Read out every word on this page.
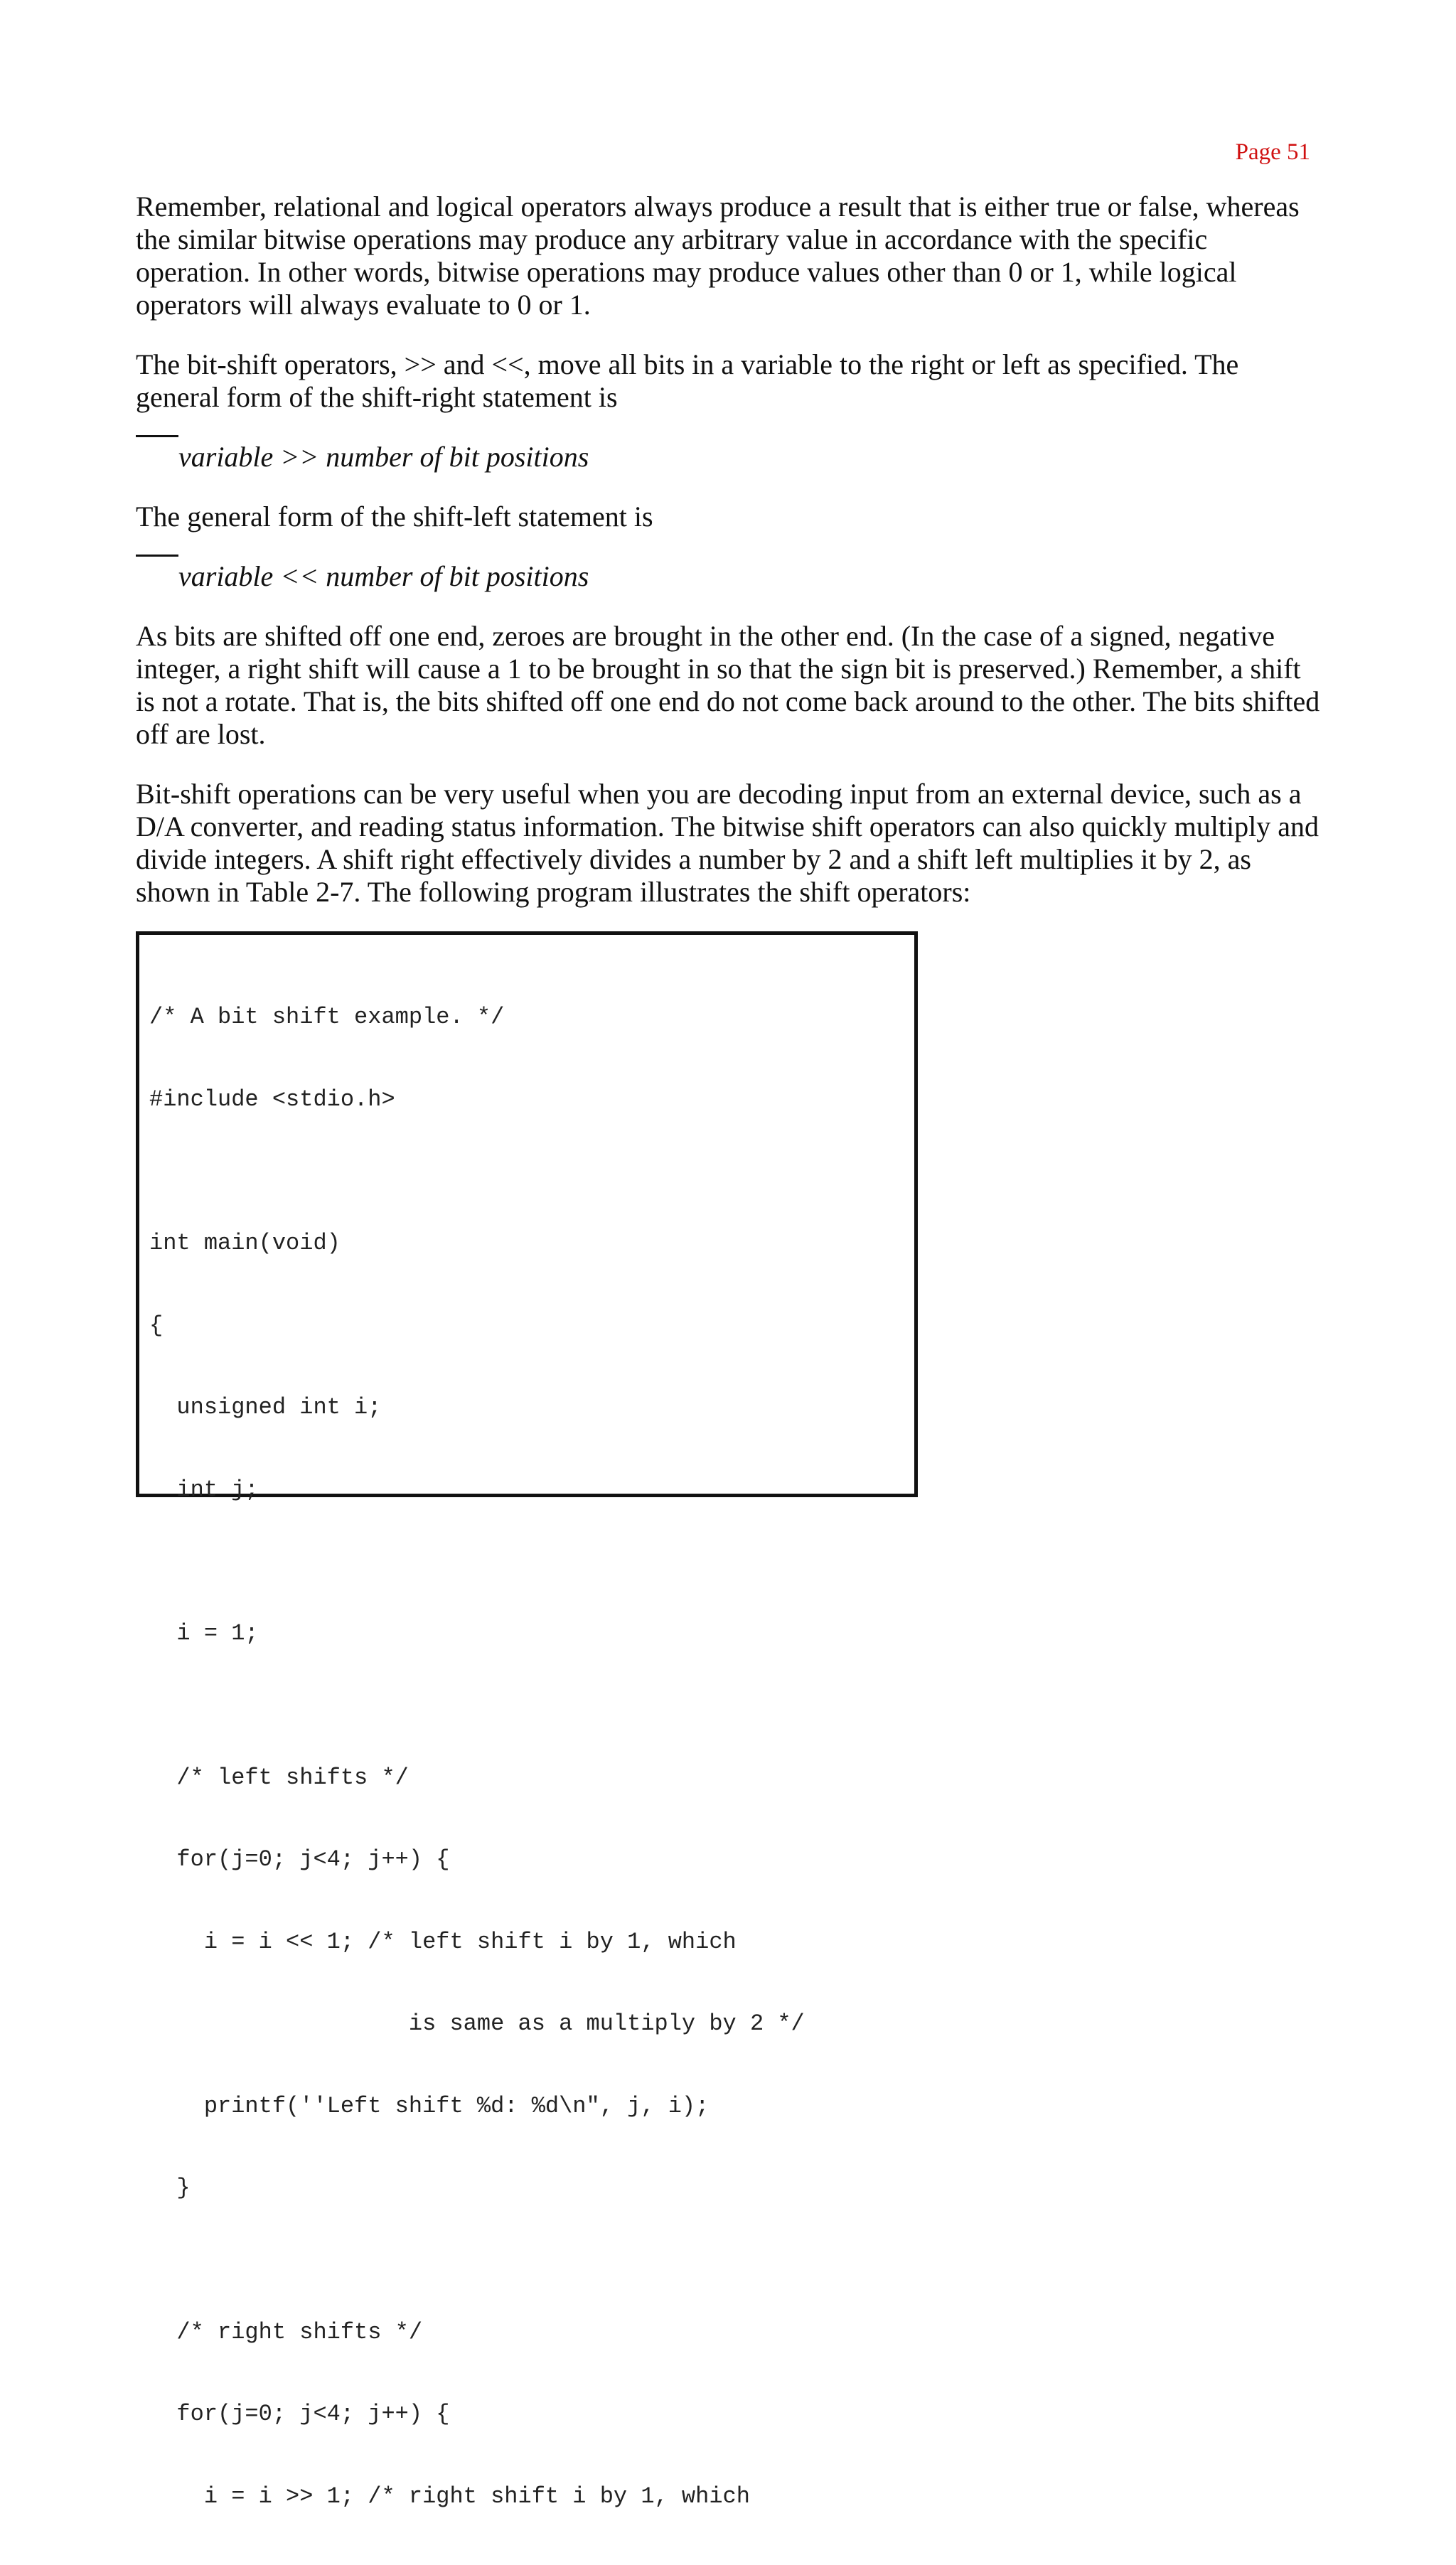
Page 51

Remember, relational and logical operators always produce a result that is either true or false, whereas the similar bitwise operations may produce any arbitrary value in accordance with the specific operation. In other words, bitwise operations may produce values other than 0 or 1, while logical operators will always evaluate to 0 or 1.

The bit-shift operators, >> and <<, move all bits in a variable to the right or left as specified. The general form of the shift-right statement is

variable >> number of bit positions

The general form of the shift-left statement is

variable << number of bit positions

As bits are shifted off one end, zeroes are brought in the other end. (In the case of a signed, negative integer, a right shift will cause a 1 to be brought in so that the sign bit is preserved.) Remember, a shift is not a rotate. That is, the bits shifted off one end do not come back around to the other. The bits shifted off are lost.

Bit-shift operations can be very useful when you are decoding input from an external device, such as a D/A converter, and reading status information. The bitwise shift operators can also quickly multiply and divide integers. A shift right effectively divides a number by 2 and a shift left multiplies it by 2, as shown in Table 2-7. The following program illustrates the shift operators:

/* A bit shift example. */

#include <stdio.h>

int main(void)

{

unsigned int i;

int j;

i = 1;

/* left shifts */

for(j=0; j<4; j++) {

i = i << 1; /* left shift i by 1, which

is same as a multiply by 2 */

printf(''Left shift %d: %d\n", j, i);

}

/* right shifts */

for(j=0; j<4; j++) {

i = i >> 1; /* right shift i by 1, which
